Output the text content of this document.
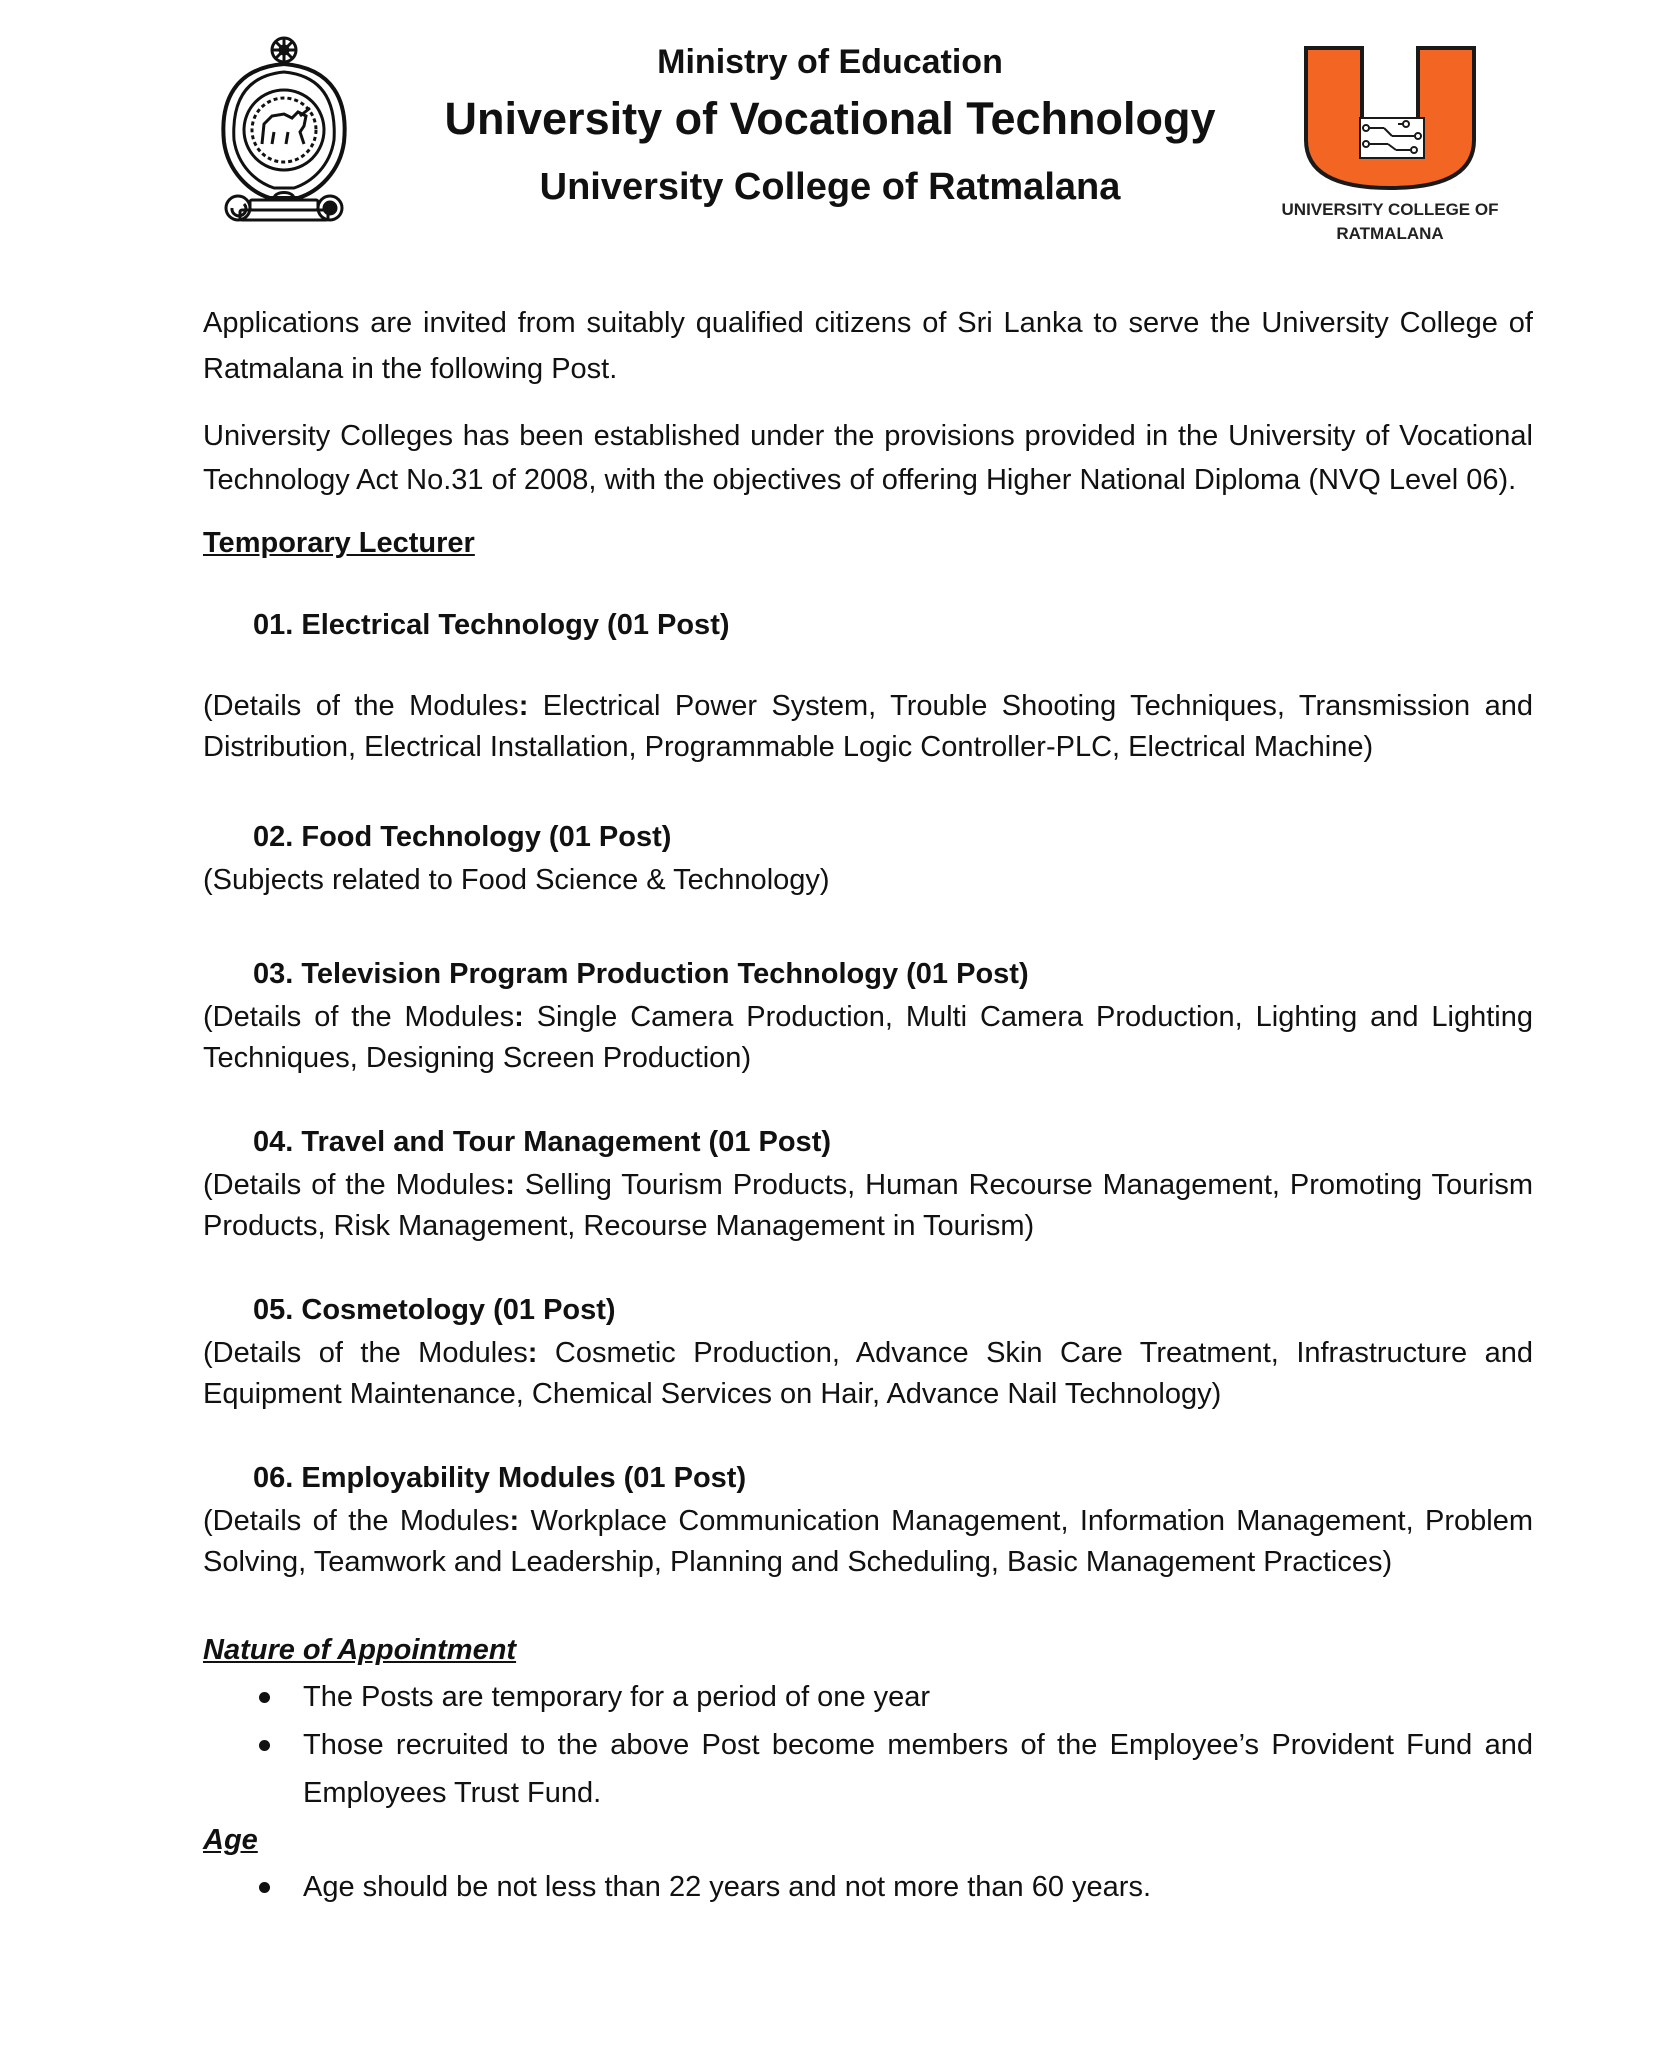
Ministry of Education

University of Vocational Technology

University College of Ratmalana

UNIVERSITY COLLEGE OF
RATMALANA

Applications are invited from suitably qualified citizens of Sri Lanka to serve the University College of Ratmalana in the following Post.

University Colleges has been established under the provisions provided in the University of Vocational Technology Act No.31 of 2008, with the objectives of offering Higher National Diploma (NVQ Level 06).

Temporary Lecturer

01. Electrical Technology (01 Post)

(Details of the Modules: Electrical Power System, Trouble Shooting Techniques, Transmission and Distribution, Electrical Installation, Programmable Logic Controller-PLC, Electrical Machine)

02. Food Technology (01 Post)

(Subjects related to Food Science & Technology)

03. Television Program Production Technology (01 Post)

(Details of the Modules: Single Camera Production, Multi Camera Production, Lighting and Lighting Techniques, Designing Screen Production)

04. Travel and Tour Management (01 Post)

(Details of the Modules: Selling Tourism Products, Human Recourse Management, Promoting Tourism Products, Risk Management, Recourse Management in Tourism)

05. Cosmetology (01 Post)

(Details of the Modules: Cosmetic Production, Advance Skin Care Treatment, Infrastructure and Equipment Maintenance, Chemical Services on Hair, Advance Nail Technology)

06. Employability Modules (01 Post)

(Details of the Modules: Workplace Communication Management, Information Management, Problem Solving, Teamwork and Leadership, Planning and Scheduling, Basic Management Practices)

Nature of Appointment

The Posts are temporary for a period of one year
Those recruited to the above Post become members of the Employee’s Provident Fund and Employees Trust Fund.

Age

Age should be not less than 22 years and not more than 60 years.
